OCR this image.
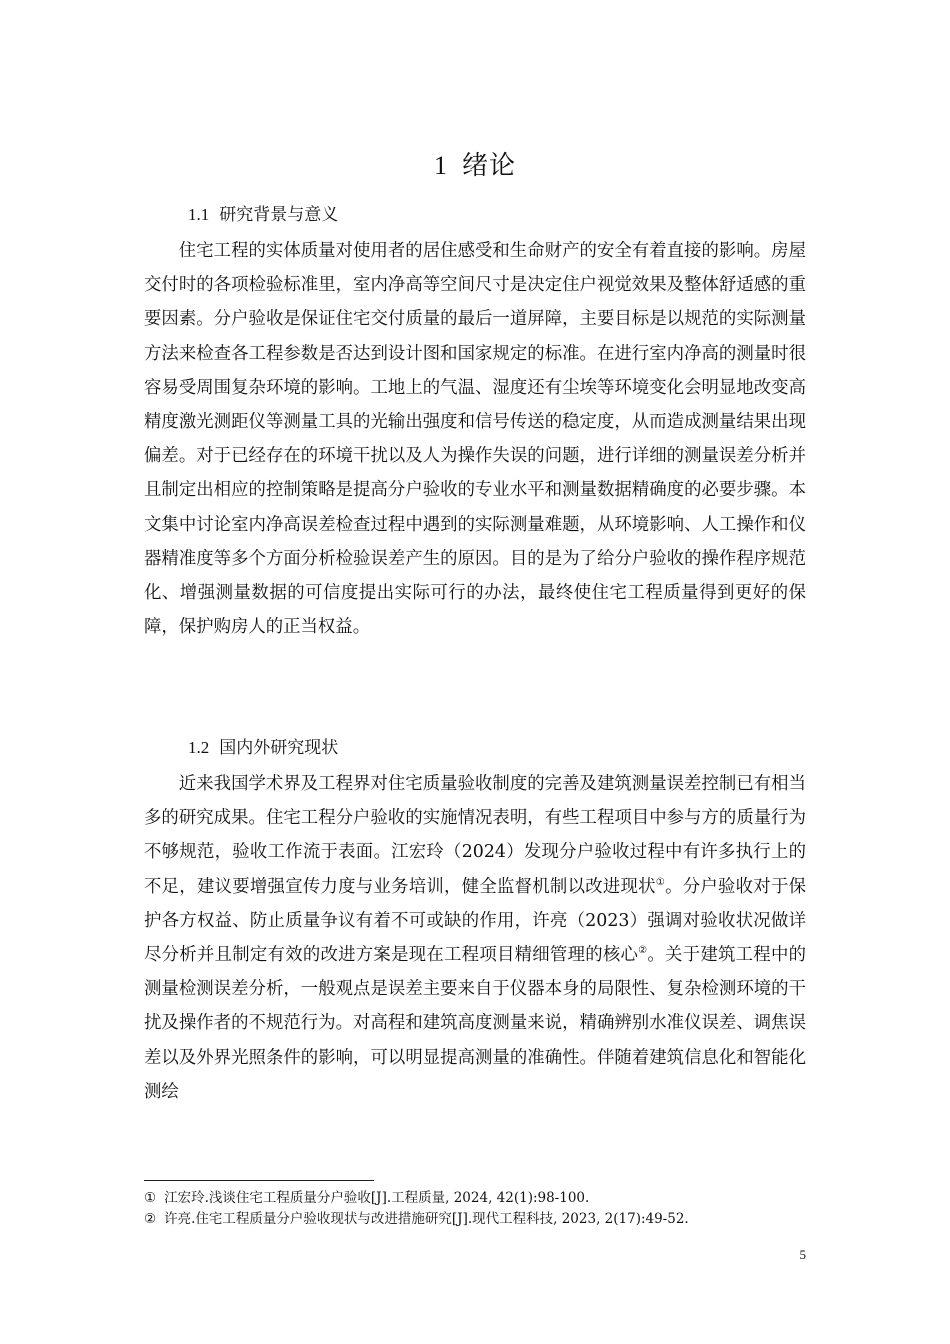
1 绪论
1.1 研究背景与意义

住宅工程的实体质量对使用者的居住感受和生命财产的安全有着直接的影响。房屋交付时的各项检验标准里，室内净高等空间尺寸是决定住户视觉效果及整体舒适感的重要因素。分户验收是保证住宅交付质量的最后一道屏障，主要目标是以规范的实际测量方法来检查各工程参数是否达到设计图和国家规定的标准。在进行室内净高的测量时很容易受周围复杂环境的影响。工地上的气温、湿度还有尘埃等环境变化会明显地改变高精度激光测距仪等测量工具的光输出强度和信号传送的稳定度，从而造成测量结果出现偏差。对于已经存在的环境干扰以及人为操作失误的问题，进行详细的测量误差分析并且制定出相应的控制策略是提高分户验收的专业水平和测量数据精确度的必要步骤。本文集中讨论室内净高误差检查过程中遇到的实际测量难题，从环境影响、人工操作和仪器精准度等多个方面分析检验误差产生的原因。目的是为了给分户验收的操作程序规范化、增强测量数据的可信度提出实际可行的办法，最终使住宅工程质量得到更好的保障，保护购房人的正当权益。

1.2 国内外研究现状

近来我国学术界及工程界对住宅质量验收制度的完善及建筑测量误差控制已有相当多的研究成果。住宅工程分户验收的实施情况表明，有些工程项目中参与方的质量行为不够规范，验收工作流于表面。江宏玲（2024）发现分户验收过程中有许多执行上的不足，建议要增强宣传力度与业务培训，健全监督机制以改进现状①。分户验收对于保护各方权益、防止质量争议有着不可或缺的作用，许亮（2023）强调对验收状况做详尽分析并且制定有效的改进方案是现在工程项目精细管理的核心②。关于建筑工程中的测量检测误差分析，一般观点是误差主要来自于仪器本身的局限性、复杂检测环境的干扰及操作者的不规范行为。对高程和建筑高度测量来说，精确辨别水准仪误差、调焦误差以及外界光照条件的影响，可以明显提高测量的准确性。伴随着建筑信息化和智能化测绘

① 江宏玲.浅谈住宅工程质量分户验收[J].工程质量, 2024, 42(1):98-100.
② 许亮.住宅工程质量分户验收现状与改进措施研究[J].现代工程科技, 2023, 2(17):49-52.
5
